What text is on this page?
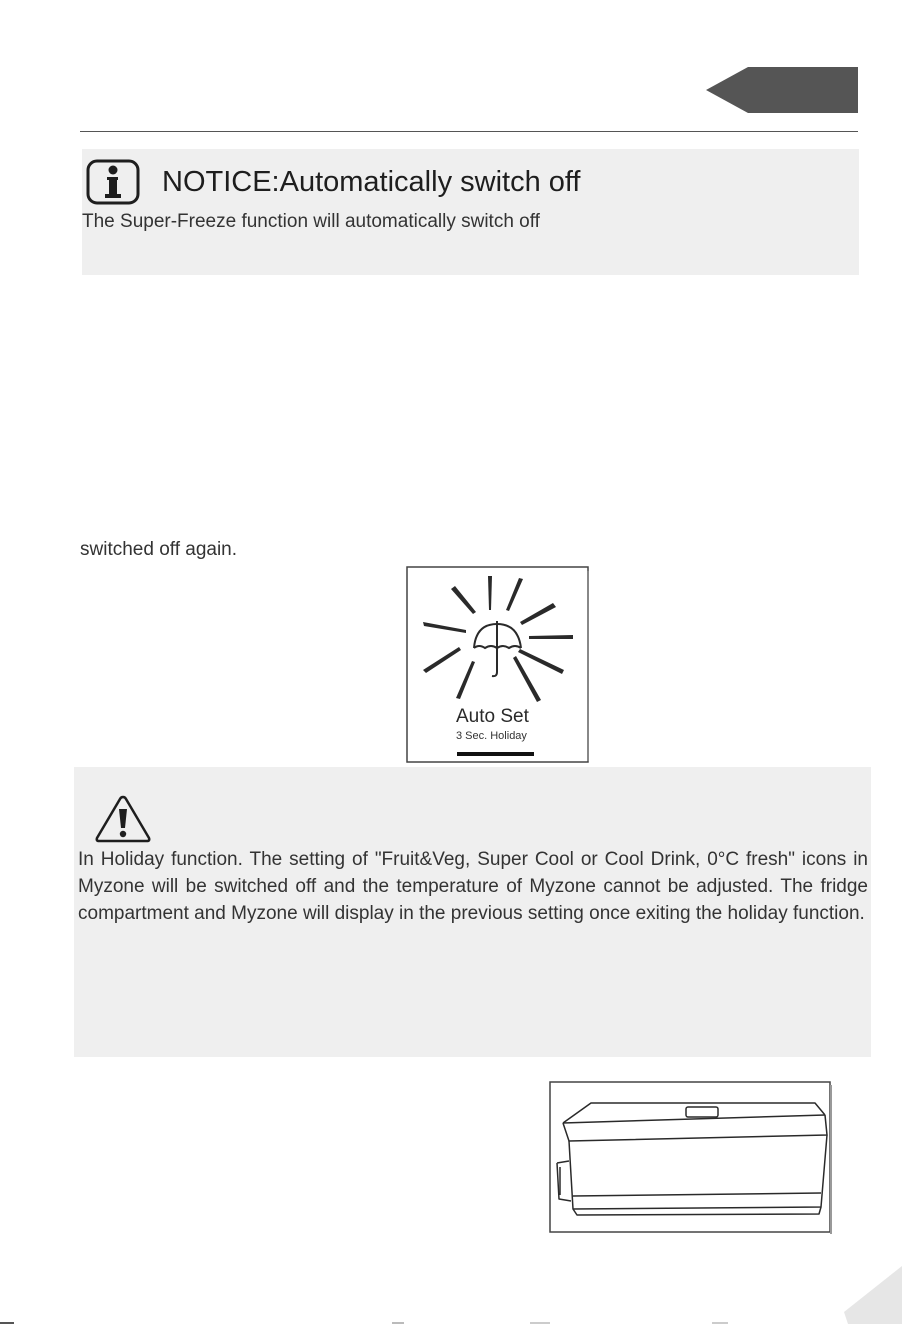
NOTICE:Automatically switch off
The Super-Freeze function will automatically switch off
switched off again.
Auto Set
3 Sec. Holiday
In Holiday function. The setting of "Fruit&Veg, Super Cool or Cool Drink, 0°C fresh" icons in Myzone will be switched off and the temperature of Myzone cannot be adjusted. The fridge compartment and Myzone will display in the previous setting once exiting the holiday function.
